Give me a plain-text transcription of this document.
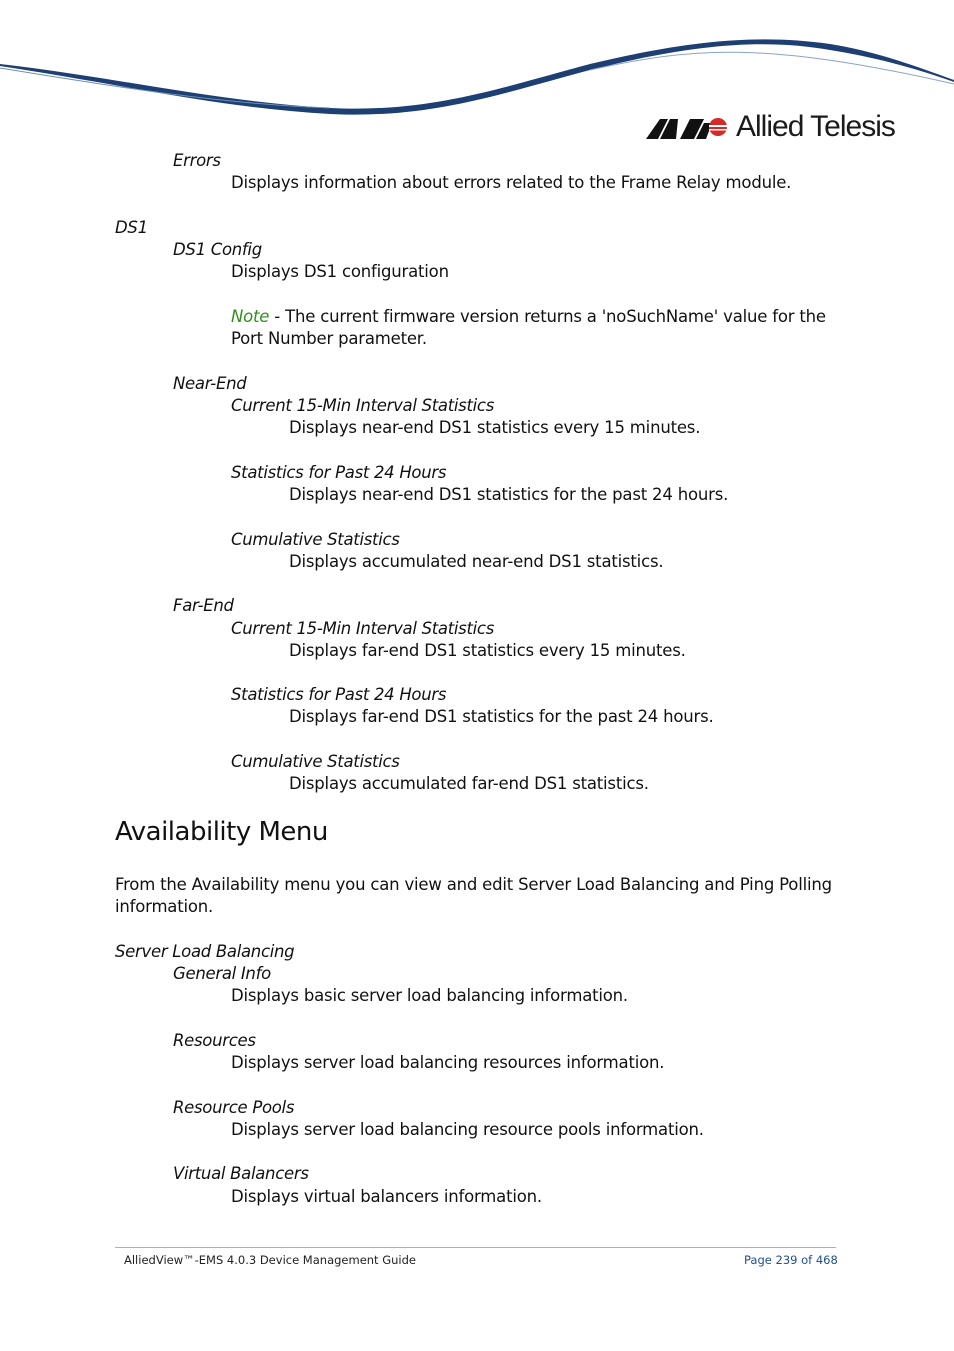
Allied Telesis
Errors
Displays information about errors related to the Frame Relay module.
DS1
DS1 Config
Displays DS1 configuration
Note - The current firmware version returns a 'noSuchName' value for the
Port Number parameter.
Near-End
Current 15-Min Interval Statistics
Displays near-end DS1 statistics every 15 minutes.
Statistics for Past 24 Hours
Displays near-end DS1 statistics for the past 24 hours.
Cumulative Statistics
Displays accumulated near-end DS1 statistics.
Far-End
Current 15-Min Interval Statistics
Displays far-end DS1 statistics every 15 minutes.
Statistics for Past 24 Hours
Displays far-end DS1 statistics for the past 24 hours.
Cumulative Statistics
Displays accumulated far-end DS1 statistics.
Availability Menu
From the Availability menu you can view and edit Server Load Balancing and Ping Polling
information.
Server Load Balancing
General Info
Displays basic server load balancing information.
Resources
Displays server load balancing resources information.
Resource Pools
Displays server load balancing resource pools information.
Virtual Balancers
Displays virtual balancers information.
AlliedView™-EMS 4.0.3 Device Management Guide	Page 239 of 468
